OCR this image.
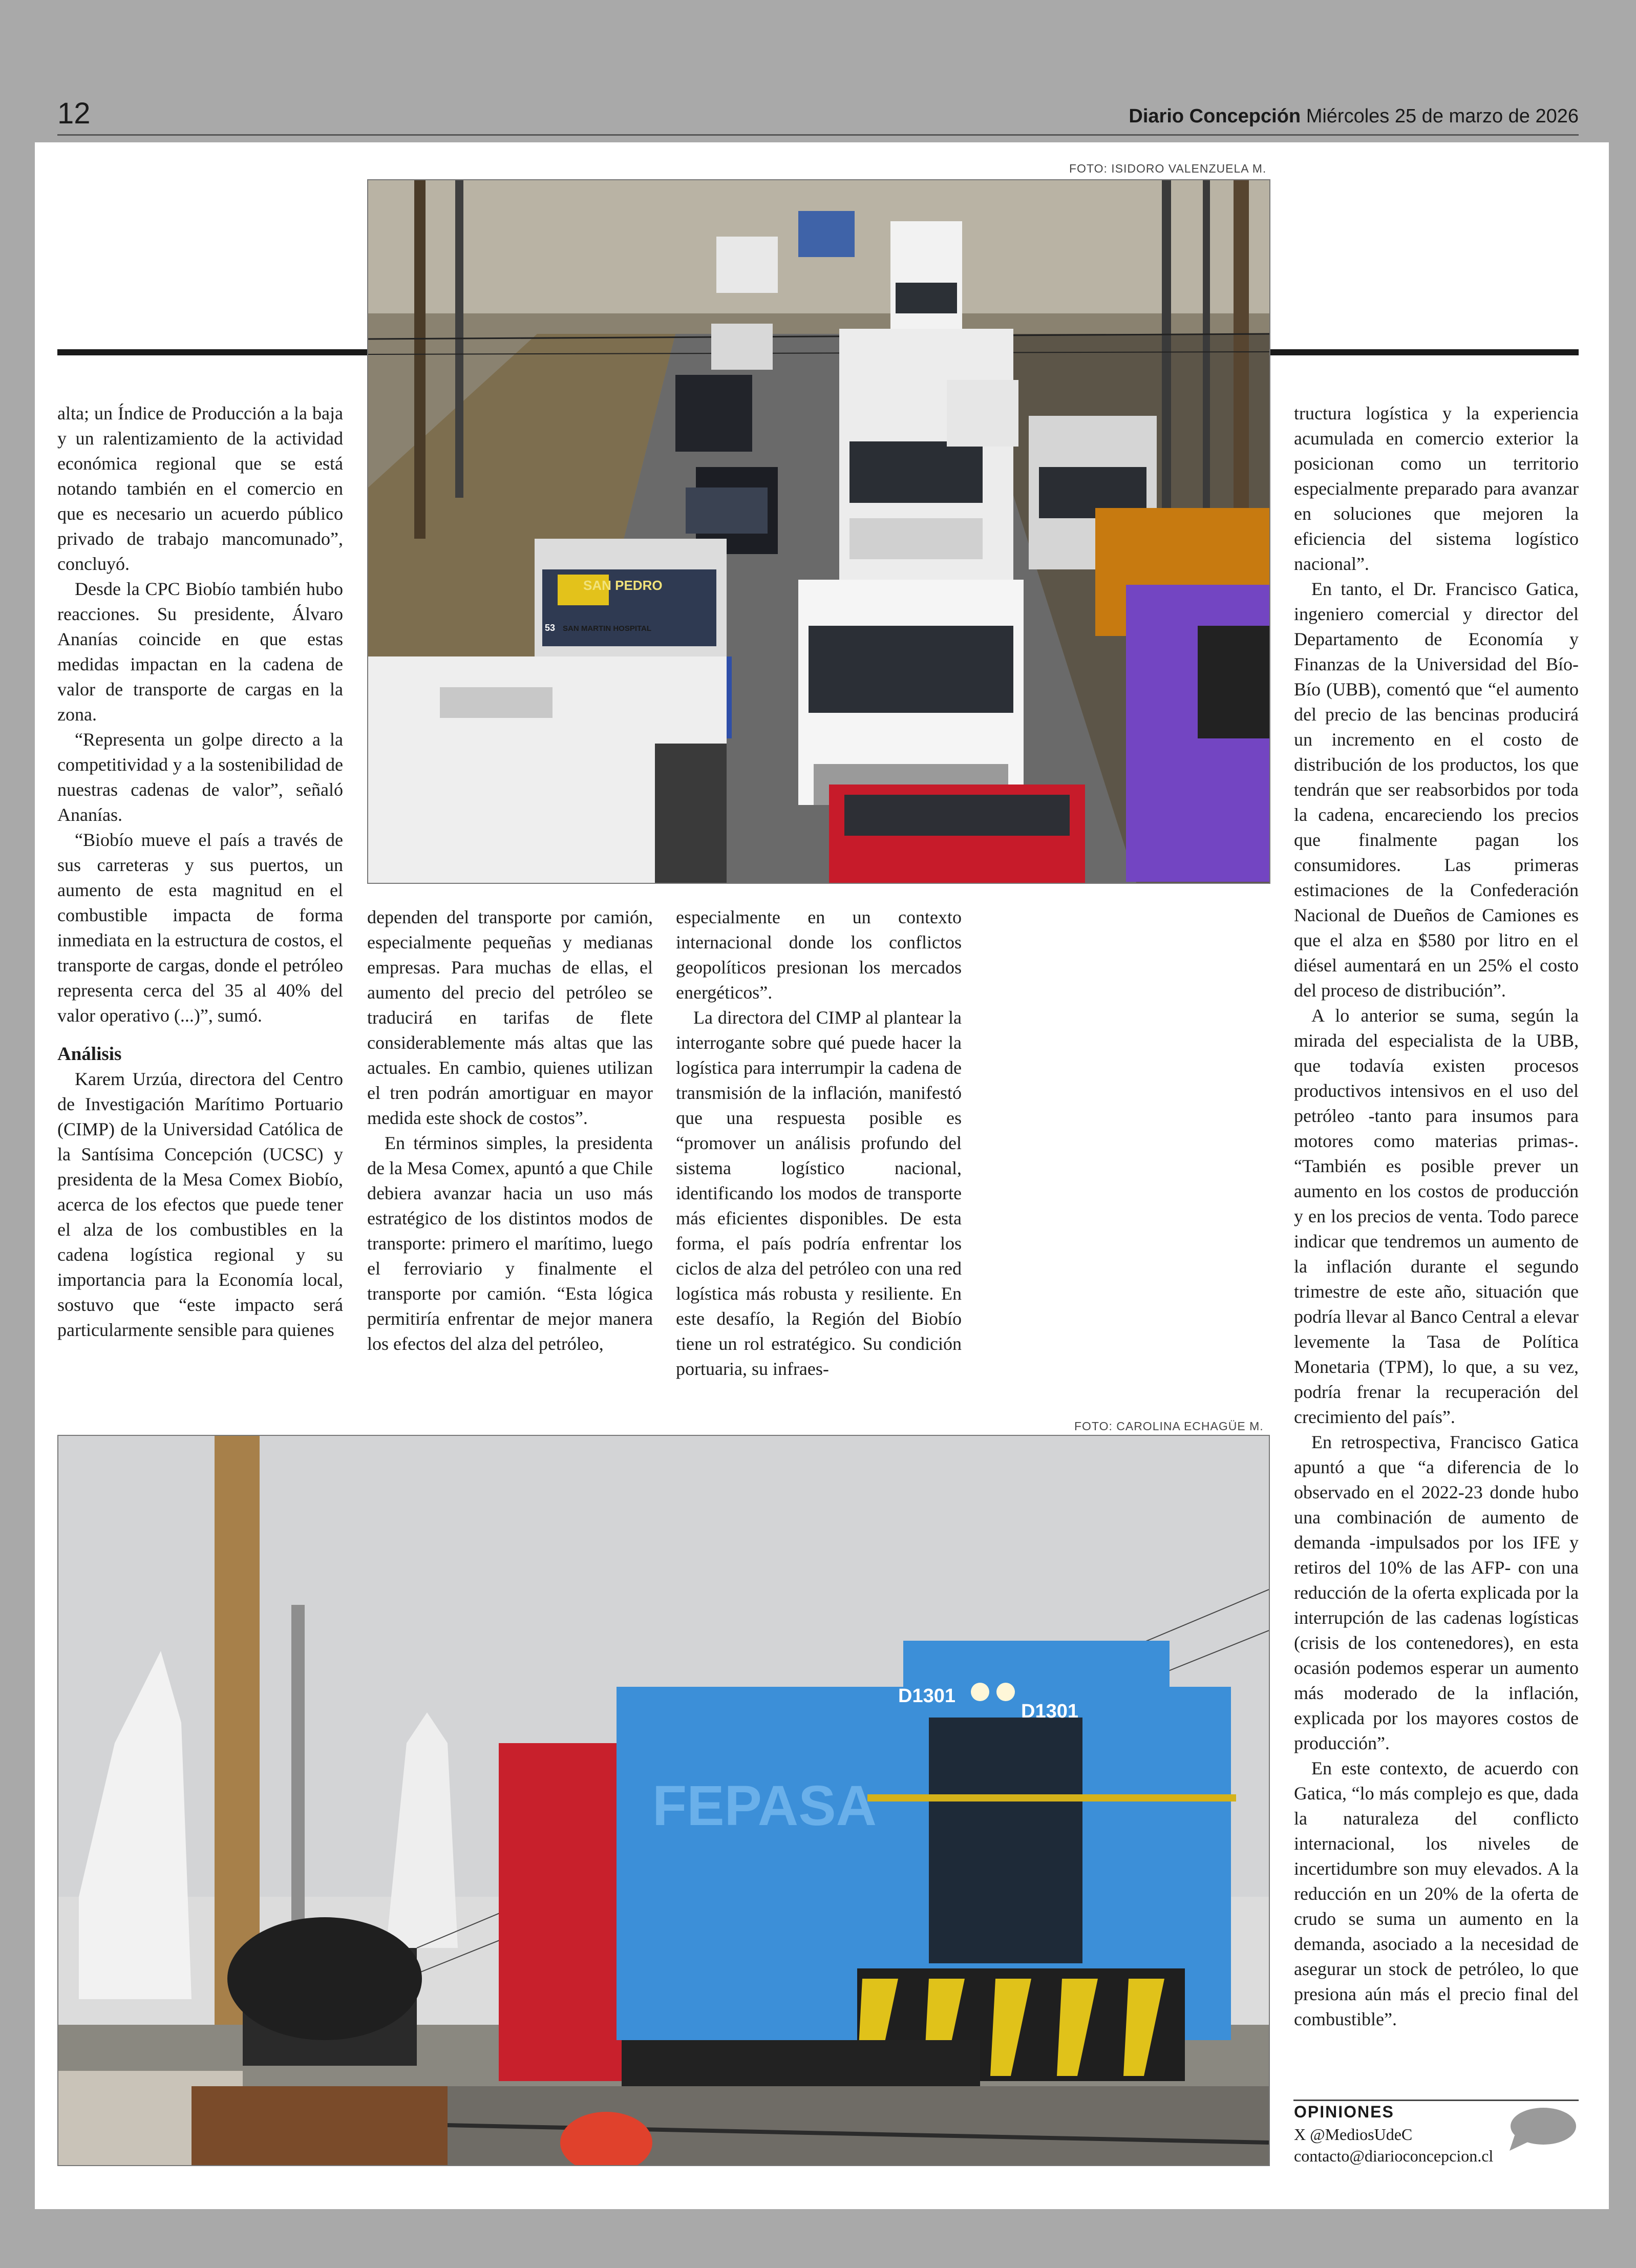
12	Diario Concepción Miércoles 25 de marzo de 2026
FOTO: ISIDORO VALENZUELA M.
SAN PEDRO
SAN MARTIN HOSPITAL
53

alta; un Índice de Producción a la baja y un ralentizamiento de la actividad económica regional que se está notando también en el comercio en que es necesario un acuerdo público privado de trabajo mancomunado”, concluyó.

Desde la CPC Biobío también hubo reacciones. Su presidente, Álvaro Ananías coincide en que estas medidas impactan en la cadena de valor de transporte de cargas en la zona.

“Representa un golpe directo a la competitividad y a la sostenibilidad de nuestras cadenas de valor”, señaló Ananías.

“Biobío mueve el país a través de sus carreteras y sus puertos, un aumento de esta magnitud en el combustible impacta de forma inmediata en la estructura de costos, el transporte de cargas, donde el petróleo representa cerca del 35 al 40% del valor operativo (...)”, sumó.

Análisis

Karem Urzúa, directora del Centro de Investigación Marítimo Portuario (CIMP) de la Universidad Católica de la Santísima Concepción (UCSC) y presidenta de la Mesa Comex Biobío, acerca de los efectos que puede tener el alza de los combustibles en la cadena logística regional y su importancia para la Economía local, sostuvo que “este impacto será particularmente sensible para quienes

dependen del transporte por camión, especialmente pequeñas y medianas empresas. Para muchas de ellas, el aumento del precio del petróleo se traducirá en tarifas de flete considerablemente más altas que las actuales. En cambio, quienes utilizan el tren podrán amortiguar en mayor medida este shock de costos”.

En términos simples, la presidenta de la Mesa Comex, apuntó a que Chile debiera avanzar hacia un uso más estratégico de los distintos modos de transporte: primero el marítimo, luego el ferroviario y finalmente el transporte por camión. “Esta lógica permitiría enfrentar de mejor manera los efectos del alza del petróleo,

especialmente en un contexto internacional donde los conflictos geopolíticos presionan los mercados energéticos”.

La directora del CIMP al plantear la interrogante sobre qué puede hacer la logística para interrumpir la cadena de transmisión de la inflación, manifestó que una respuesta posible es “promover un análisis profundo del sistema logístico nacional, identificando los modos de transporte más eficientes disponibles. De esta forma, el país podría enfrentar los ciclos de alza del petróleo con una red logística más robusta y resiliente. En este desafío, la Región del Biobío tiene un rol estratégico. Su condición portuaria, su infraes-

tructura logística y la experiencia acumulada en comercio exterior la posicionan como un territorio especialmente preparado para avanzar en soluciones que mejoren la eficiencia del sistema logístico nacional”.

En tanto, el Dr. Francisco Gatica, ingeniero comercial y director del Departamento de Economía y Finanzas de la Universidad del Bío-Bío (UBB), comentó que “el aumento del precio de las bencinas producirá un incremento en el costo de distribución de los productos, los que tendrán que ser reabsorbidos por toda la cadena, encareciendo los precios que finalmente pagan los consumidores. Las primeras estimaciones de la Confederación Nacional de Dueños de Camiones es que el alza en $580 por litro en el diésel aumentará en un 25% el costo del proceso de distribución”.

A lo anterior se suma, según la mirada del especialista de la UBB, que todavía existen procesos productivos intensivos en el uso del petróleo -tanto para insumos para motores como materias primas-. “También es posible prever un aumento en los costos de producción y en los precios de venta. Todo parece indicar que tendremos un aumento de la inflación durante el segundo trimestre de este año, situación que podría llevar al Banco Central a elevar levemente la Tasa de Política Monetaria (TPM), lo que, a su vez, podría frenar la recuperación del crecimiento del país”.

En retrospectiva, Francisco Gatica apuntó a que “a diferencia de lo observado en el 2022-23 donde hubo una combinación de aumento de demanda -impulsados por los IFE y retiros del 10% de las AFP- con una reducción de la oferta explicada por la interrupción de las cadenas logísticas (crisis de los contenedores), en esta ocasión podemos esperar un aumento más moderado de la inflación, explicada por los mayores costos de producción”.

En este contexto, de acuerdo con Gatica, “lo más complejo es que, dada la naturaleza del conflicto internacional, los niveles de incertidumbre son muy elevados. A la reducción en un 20% de la oferta de crudo se suma un aumento en la demanda, asociado a la necesidad de asegurar un stock de petróleo, lo que presiona aún más el precio final del combustible”.

FOTO: CAROLINA ECHAGÜE M.
D1301
D1301
FEPASA
OPINIONES
X @MediosUdeC
contacto@diarioconcepcion.cl
